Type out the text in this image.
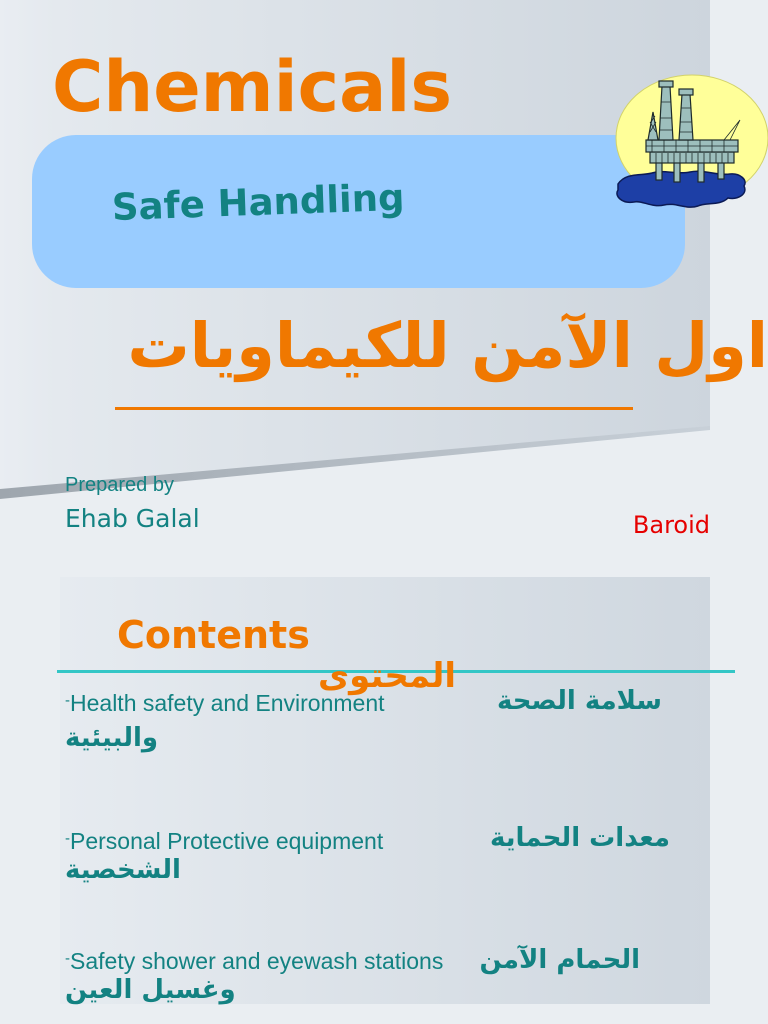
Chemicals
Safe Handling
اول الآمن للكيماويات
Prepared by
Ehab Galal	Baroid
Contents
المحتوى
-Health safety and Environment	سلامة الصحة
والبيئية
-Personal Protective equipment	معدات الحماية
الشخصية
-Safety shower and eyewash stations الحمام الآمن
وغسيل العين
